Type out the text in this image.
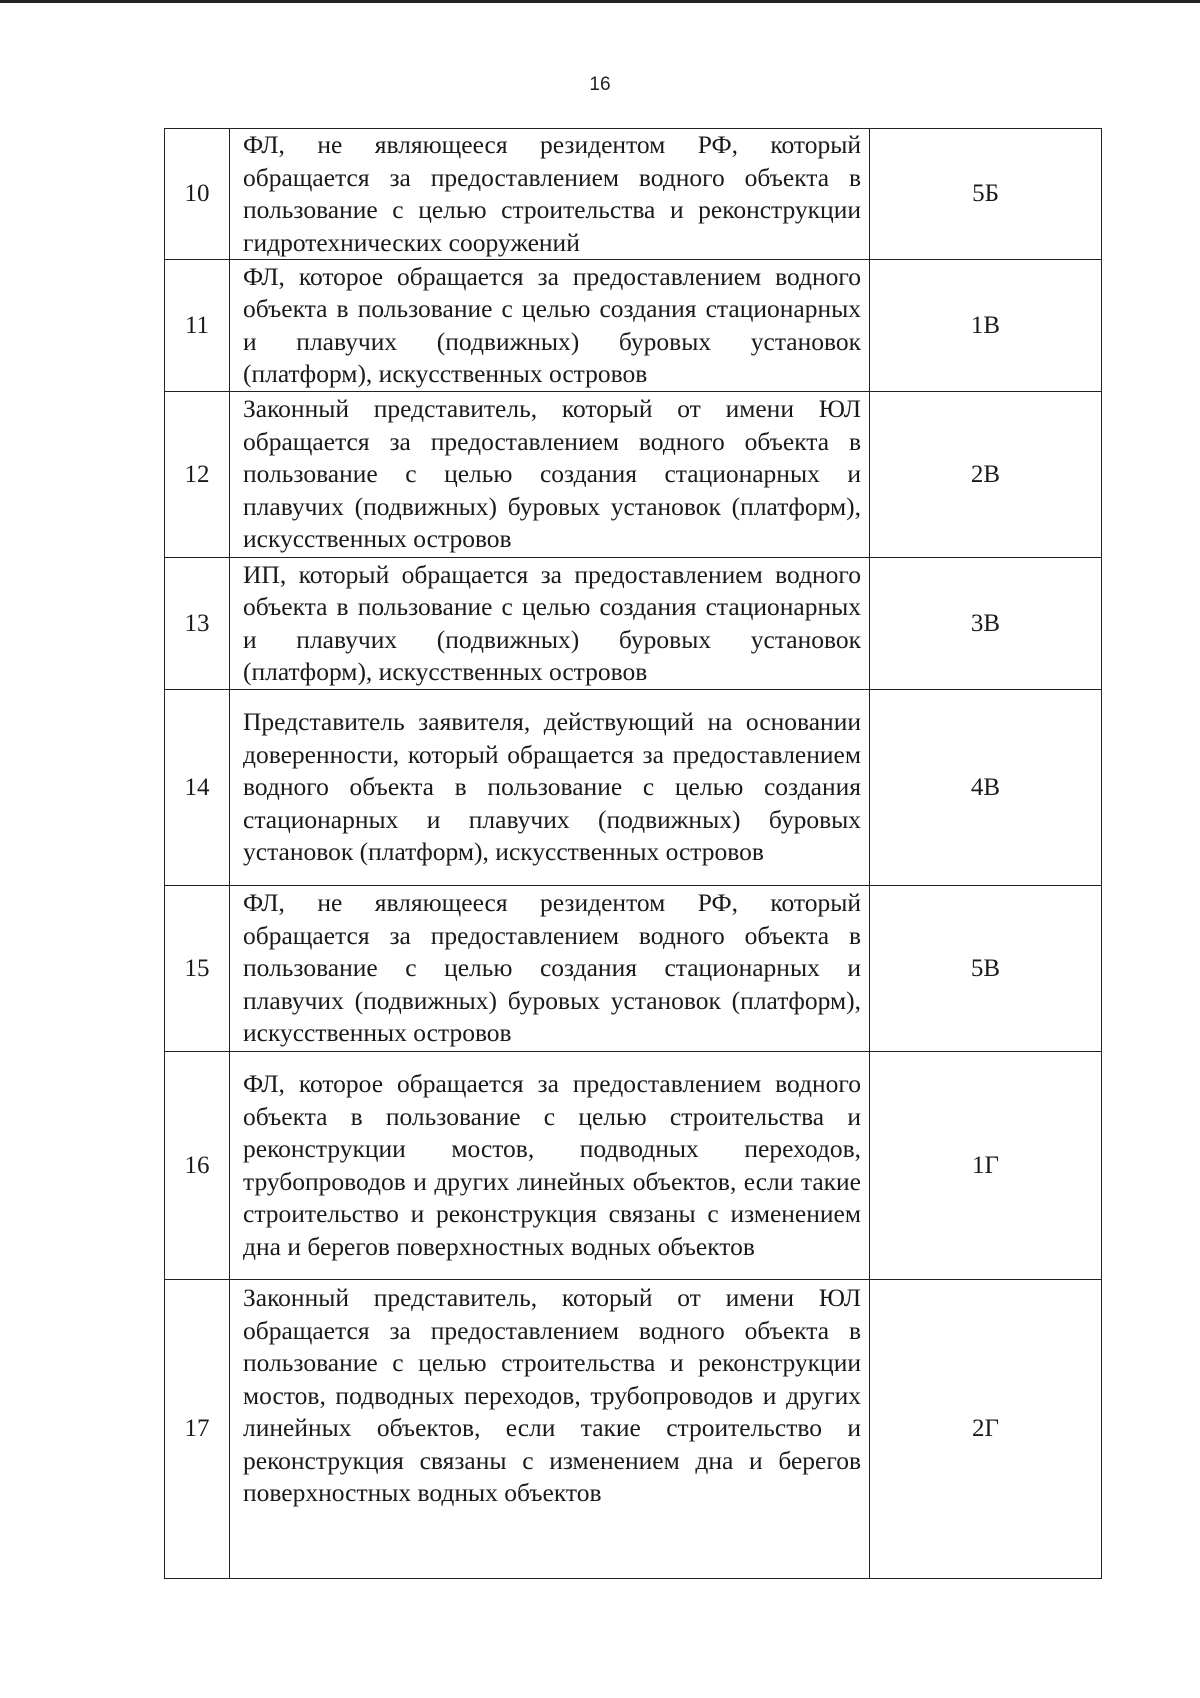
16
10	ФЛ, не являющееся резидентом РФ, который обращается за предоставлением водного объекта в пользование с целью строительства и реконструкции гидротехнических сооружений	5Б
11	ФЛ, которое обращается за предоставлением водного объекта в пользование с целью создания стационарных и плавучих (подвижных) буровых установок (платформ), искусственных островов	1В
12	Законный представитель, который от имени ЮЛ обращается за предоставлением водного объекта в пользование с целью создания стационарных и плавучих (подвижных) буровых установок (платформ), искусственных островов	2В
13	ИП, который обращается за предоставлением водного объекта в пользование с целью создания стационарных и плавучих (подвижных) буровых установок (платформ), искусственных островов	3В
14	Представитель заявителя, действующий на основании доверенности, который обращается за предоставлением водного объекта в пользование с целью создания стационарных и плавучих (подвижных) буровых установок (платформ), искусственных островов	4В
15	ФЛ, не являющееся резидентом РФ, который обращается за предоставлением водного объекта в пользование с целью создания стационарных и плавучих (подвижных) буровых установок (платформ), искусственных островов	5В
16	ФЛ, которое обращается за предоставлением водного объекта в пользование с целью строительства и реконструкции мостов, подводных переходов, трубопроводов и других линейных объектов, если такие строительство и реконструкция связаны с изменением дна и берегов поверхностных водных объектов	1Г
17	Законный представитель, который от имени ЮЛ обращается за предоставлением водного объекта в пользование с целью строительства и реконструкции мостов, подводных переходов, трубопроводов и других линейных объектов, если такие строительство и реконструкция связаны с изменением дна и берегов поверхностных водных объектов	2Г
